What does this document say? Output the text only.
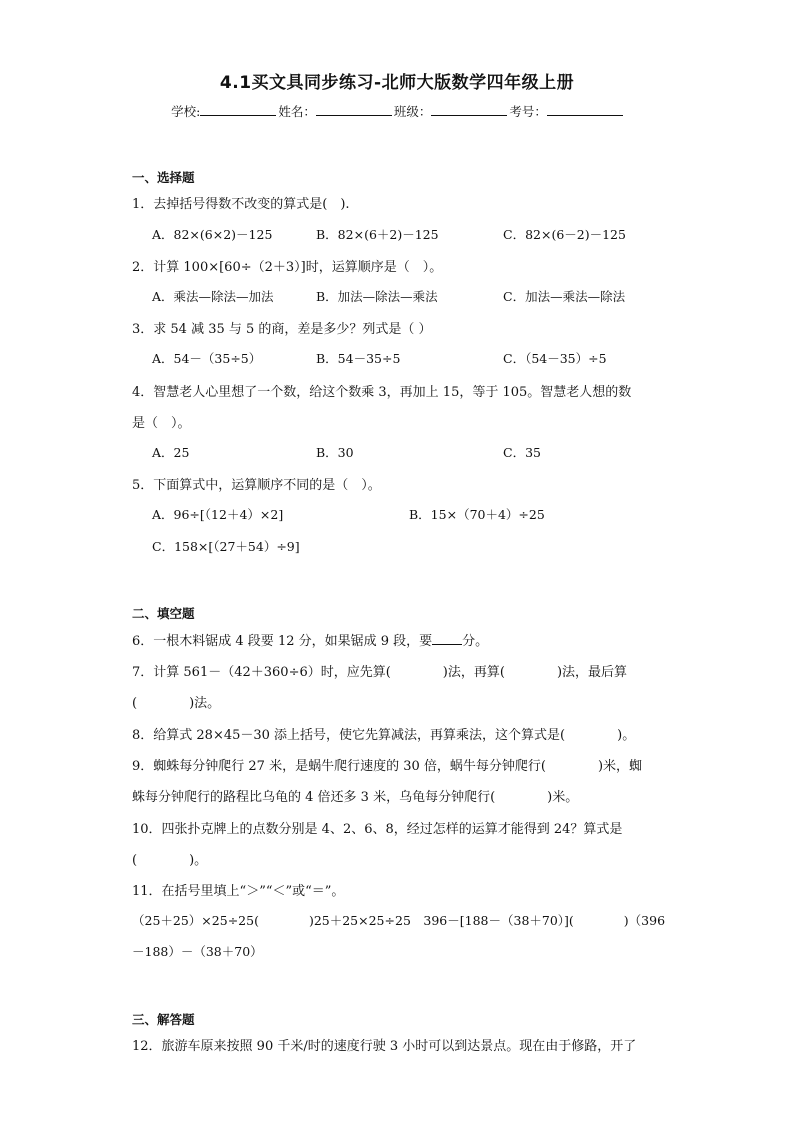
4.1买文具同步练习-北师大版数学四年级上册
学校:	姓名：	班级：	考号：
一、选择题
1．去掉括号得数不改变的算式是(　).
A．82×(6×2)－125	B．82×(6＋2)－125	C．82×(6－2)－125
2．计算 100×[60÷（2＋3）]时，运算顺序是（　）。
A．乘法—除法—加法	B．加法—除法—乘法	C．加法—乘法—除法
3．求 54 减 35 与 5 的商，差是多少？列式是（ ）
A．54－（35÷5）	B．54－35÷5	C．（54－35）÷5
4．智慧老人心里想了一个数，给这个数乘 3，再加上 15，等于 105。智慧老人想的数
是（　）。
A．25	B．30	C．35
5．下面算式中，运算顺序不同的是（　）。
A．96÷[（12＋4）×2]	B．15×（70＋4）÷25
C．158×[（27＋54）÷9]
二、填空题
6．一根木料锯成 4 段要 12 分，如果锯成 9 段，要 分。
7．计算 561－（42＋360÷6）时，应先算(　　　　)法，再算(　　　　)法，最后算
(　　　　)法。
8．给算式 28×45－30 添上括号，使它先算减法，再算乘法，这个算式是(　　　　)。
9．蜘蛛每分钟爬行 27 米，是蜗牛爬行速度的 30 倍，蜗牛每分钟爬行(　　　　)米，蜘
蛛每分钟爬行的路程比乌龟的 4 倍还多 3 米，乌龟每分钟爬行(　　　　)米。
10．四张扑克牌上的点数分别是 4、2、6、8，经过怎样的运算才能得到 24？算式是
(　　　　)。
11．在括号里填上“＞”“＜”或“＝”。
（25＋25）×25÷25(　　　　)25＋25×25÷25　396－[188－（38＋70）](　　　　)（396
－188）－（38＋70）
三、解答题
12．旅游车原来按照 90 千米/时的速度行驶 3 小时可以到达景点。现在由于修路，开了
